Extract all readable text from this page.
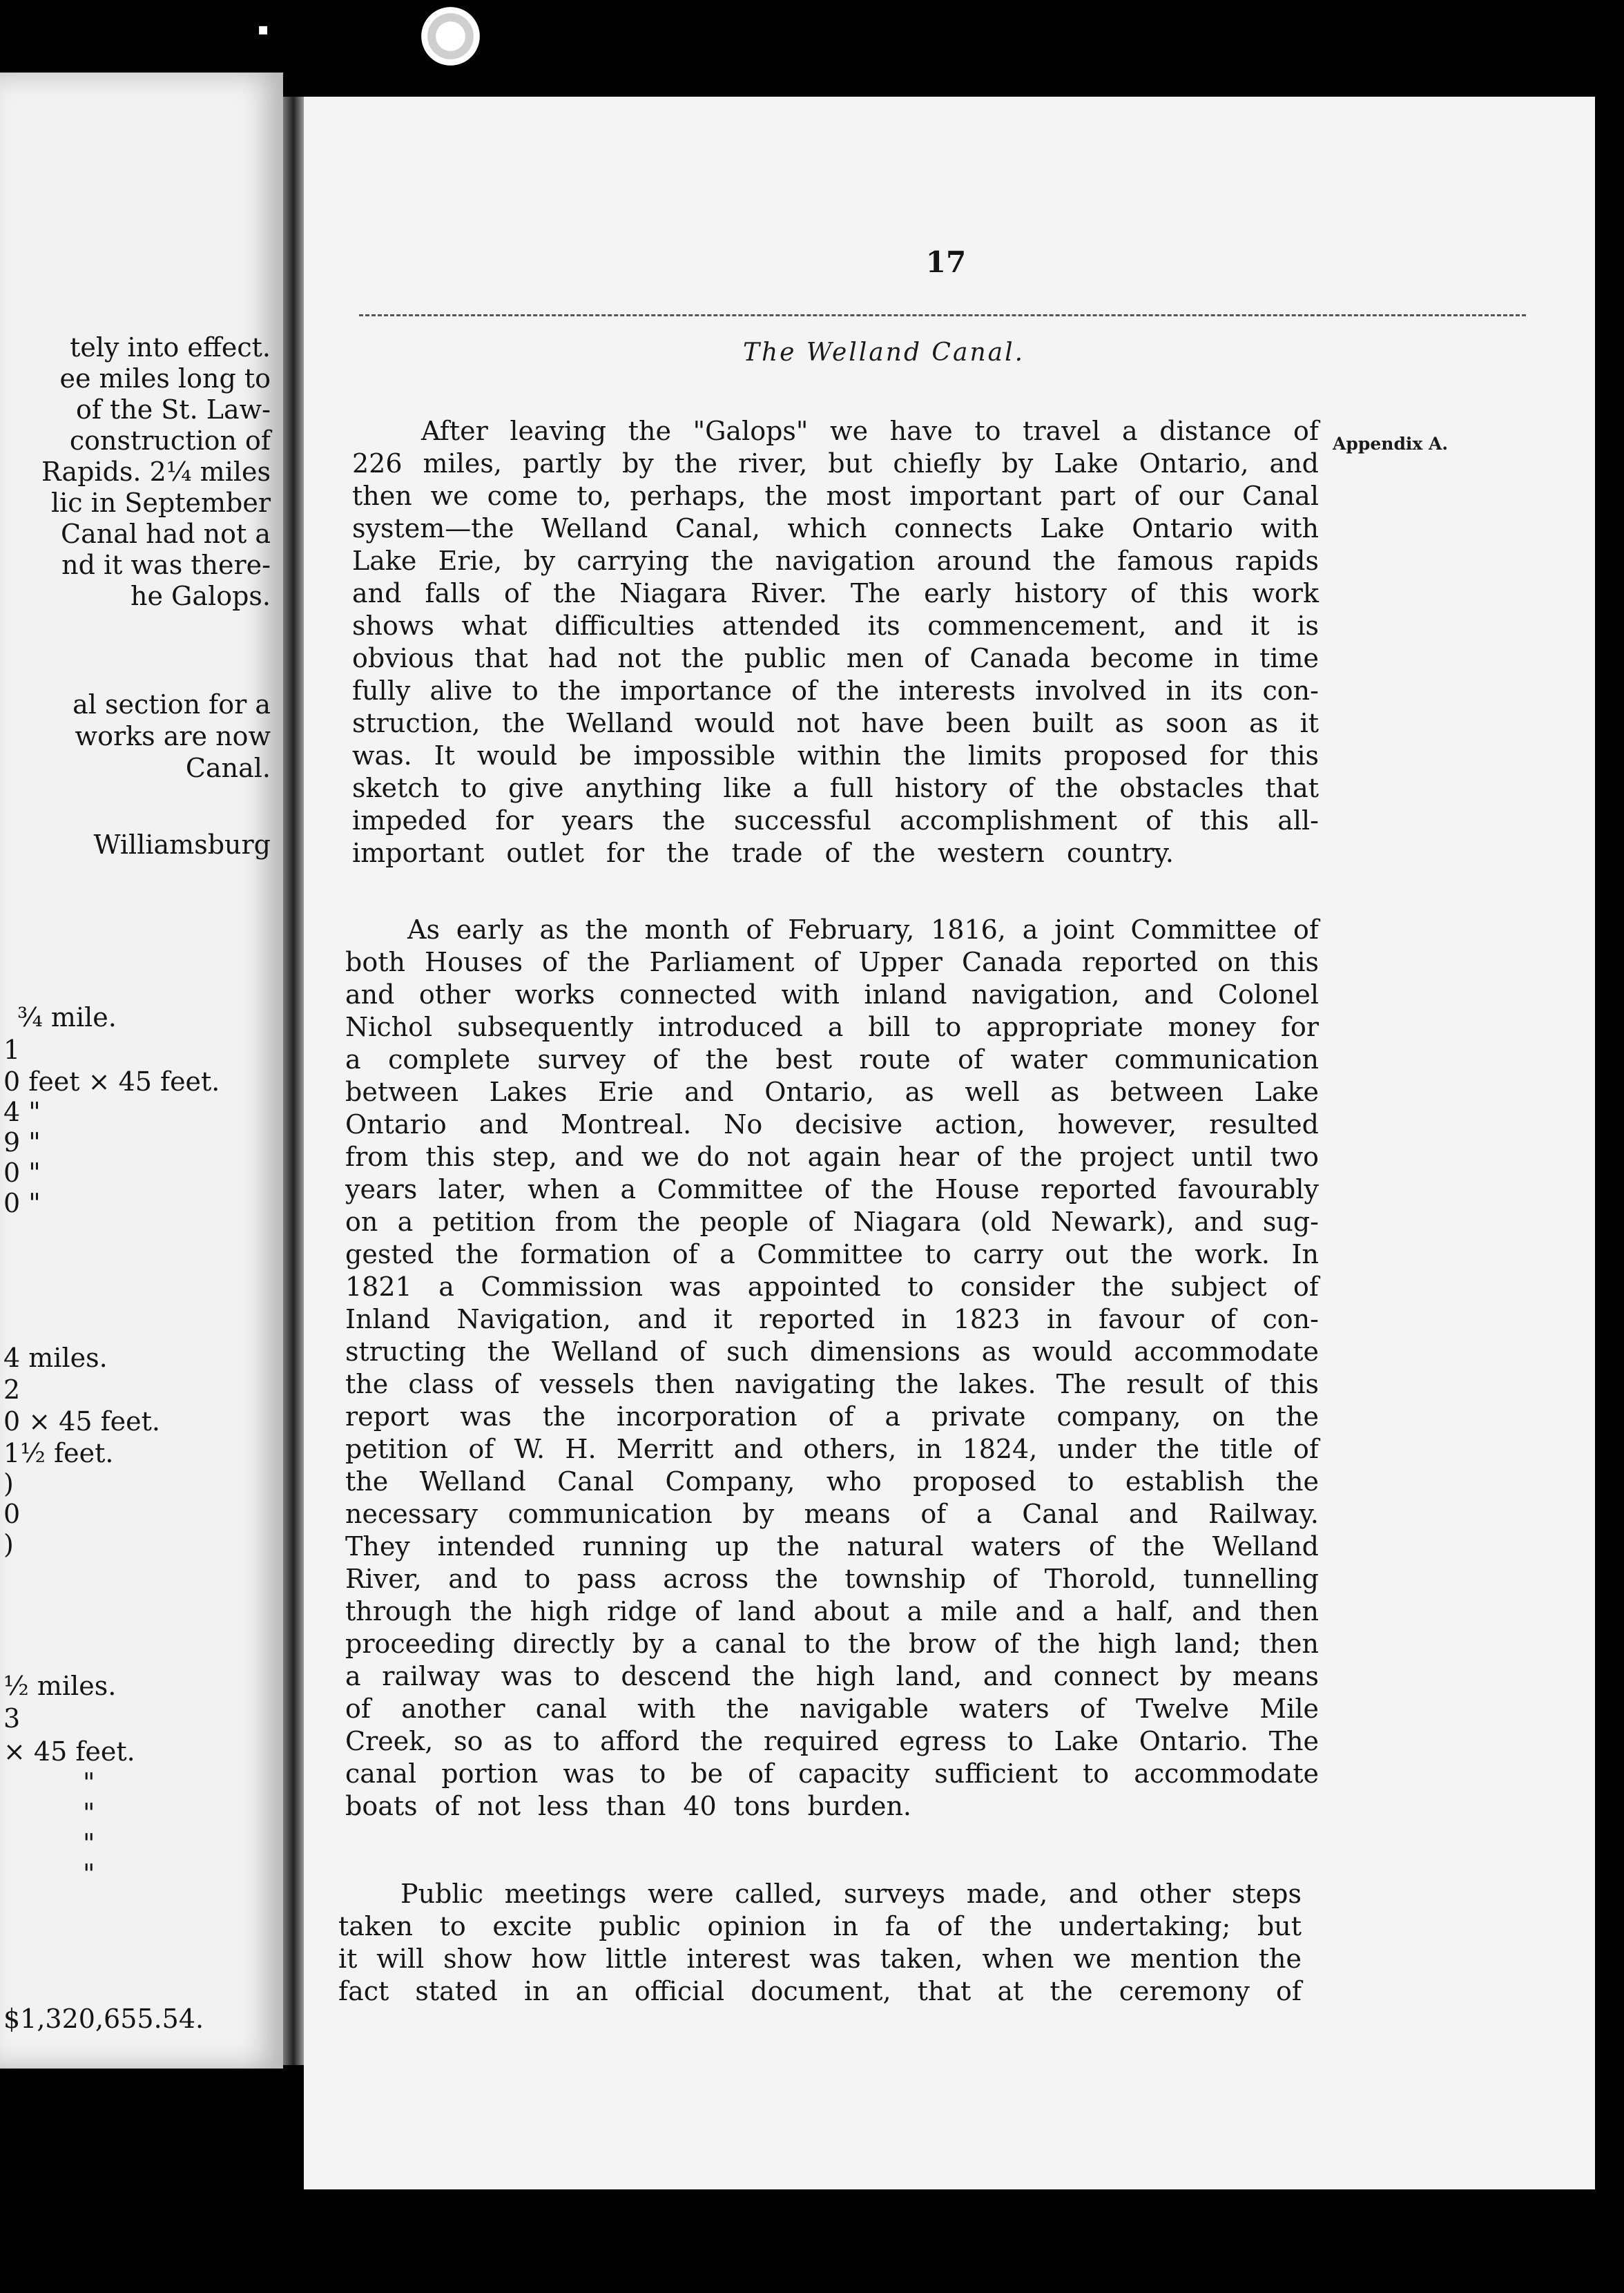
▪
tely into effect.
ee miles long to
of the St. Law-
construction of
Rapids. 2¼ miles
lic in September
Canal had not a
nd it was there-
he Galops.
al section for a
works are now
Canal.
Williamsburg
¾ mile.
1
0 feet × 45 feet.
4 "
9 "
0 "
0 "
4 miles.
2
0 × 45 feet.
1½ feet.
)
0
)
½ miles.
3
× 45 feet.
"
"
"
"
$1,320,655.54.
17
The Welland Canal.
Appendix A.
After leaving the "Galops" we have to travel a distance of
226 miles, partly by the river, but chiefly by Lake Ontario, and
then we come to, perhaps, the most important part of our Canal
system—the Welland Canal, which connects Lake Ontario with
Lake Erie, by carrying the navigation around the famous rapids
and falls of the Niagara River. The early history of this work
shows what difficulties attended its commencement, and it is
obvious that had not the public men of Canada become in time
fully alive to the importance of the interests involved in its con-
struction, the Welland would not have been built as soon as it
was. It would be impossible within the limits proposed for this
sketch to give anything like a full history of the obstacles that
impeded for years the successful accomplishment of this all-
important outlet for the trade of the western country.
As early as the month of February, 1816, a joint Committee of
both Houses of the Parliament of Upper Canada reported on this
and other works connected with inland navigation, and Colonel
Nichol subsequently introduced a bill to appropriate money for
a complete survey of the best route of water communication
between Lakes Erie and Ontario, as well as between Lake
Ontario and Montreal. No decisive action, however, resulted
from this step, and we do not again hear of the project until two
years later, when a Committee of the House reported favourably
on a petition from the people of Niagara (old Newark), and sug-
gested the formation of a Committee to carry out the work. In
1821 a Commission was appointed to consider the subject of
Inland Navigation, and it reported in 1823 in favour of con-
structing the Welland of such dimensions as would accommodate
the class of vessels then navigating the lakes. The result of this
report was the incorporation of a private company, on the
petition of W. H. Merritt and others, in 1824, under the title of
the Welland Canal Company, who proposed to establish the
necessary communication by means of a Canal and Railway.
They intended running up the natural waters of the Welland
River, and to pass across the township of Thorold, tunnelling
through the high ridge of land about a mile and a half, and then
proceeding directly by a canal to the brow of the high land; then
a railway was to descend the high land, and connect by means
of another canal with the navigable waters of Twelve Mile
Creek, so as to afford the required egress to Lake Ontario. The
canal portion was to be of capacity sufficient to accommodate
boats of not less than 40 tons burden.
Public meetings were called, surveys made, and other steps
taken to excite public opinion in fa of the undertaking; but
it will show how little interest was taken, when we mention the
fact stated in an official document, that at the ceremony of
